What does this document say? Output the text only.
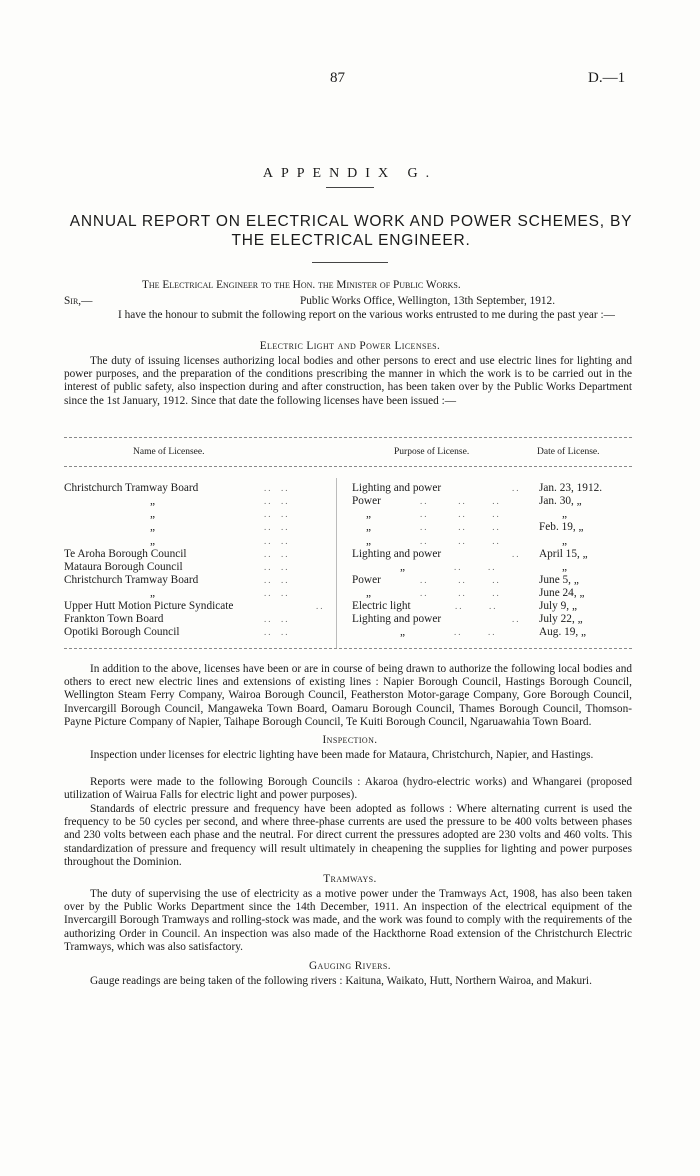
87	D.—1
APPENDIX G.
ANNUAL REPORT ON ELECTRICAL WORK AND POWER SCHEMES, BY THE ELECTRICAL ENGINEER.
The Electrical Engineer to the Hon. the Minister of Public Works.
Sir,—	Public Works Office, Wellington, 13th September, 1912.
I have the honour to submit the following report on the various works entrusted to me during the past year :—
Electric Light and Power Licenses.
The duty of issuing licenses authorizing local bodies and other persons to erect and use electric lines for lighting and power purposes, and the preparation of the conditions prescribing the manner in which the work is to be carried out in the interest of public safety, also inspection during and after construction, has been taken over by the Public Works Department since the 1st January, 1912. Since that date the following licenses have been issued :—
Name of Licensee.	Purpose of License.	Date of License.
Christchurch Tramway Board	..  ..	Lighting and power	.. Jan. 23, 1912.
„	..  ..	Power	..       ..      ..	Jan. 30, „
„	..  ..	„	..       ..      ..	„
„	..  ..	„	..       ..      ..	Feb. 19, „
„	..  ..	„	..       ..      ..	„
Te Aroha Borough Council	..  ..	Lighting and power	.. April 15, „
Mataura Borough Council	..  ..	„ ..      ..	„
Christchurch Tramway Board	..  ..	Power	..       ..      ..	June 5, „
„	..  ..	„	..       ..      ..	June 24, „
Upper Hutt Motion Picture Syndicate	.. Electric light	..      ..	July 9, „
Frankton Town Board	..  ..	Lighting and power	.. July 22, „
Opotiki Borough Council	..  ..	„ ..      ..	Aug. 19, „
In addition to the above, licenses have been or are in course of being drawn to authorize the following local bodies and others to erect new electric lines and extensions of existing lines : Napier Borough Council, Hastings Borough Council, Wellington Steam Ferry Company, Wairoa Borough Council, Featherston Motor-garage Company, Gore Borough Council, Invercargill Borough Council, Mangaweka Town Board, Oamaru Borough Council, Thames Borough Council, Thomson-Payne Picture Company of Napier, Taihape Borough Council, Te Kuiti Borough Council, Ngaruawahia Town Board.
Inspection.
Inspection under licenses for electric lighting have been made for Mataura, Christchurch, Napier, and Hastings.
Reports were made to the following Borough Councils : Akaroa (hydro-electric works) and Whangarei (proposed utilization of Wairua Falls for electric light and power purposes).
Standards of electric pressure and frequency have been adopted as follows : Where alternating current is used the frequency to be 50 cycles per second, and where three-phase currents are used the pressure to be 400 volts between phases and 230 volts between each phase and the neutral. For direct current the pressures adopted are 230 volts and 460 volts. This standardization of pressure and frequency will result ultimately in cheapening the supplies for lighting and power purposes throughout the Dominion.
Tramways.
The duty of supervising the use of electricity as a motive power under the Tramways Act, 1908, has also been taken over by the Public Works Department since the 14th December, 1911. An inspection of the electrical equipment of the Invercargill Borough Tramways and rolling-stock was made, and the work was found to comply with the requirements of the authorizing Order in Council. An inspection was also made of the Hackthorne Road extension of the Christchurch Electric Tramways, which was also satisfactory.
Gauging Rivers.
Gauge readings are being taken of the following rivers : Kaituna, Waikato, Hutt, Northern Wairoa, and Makuri.
